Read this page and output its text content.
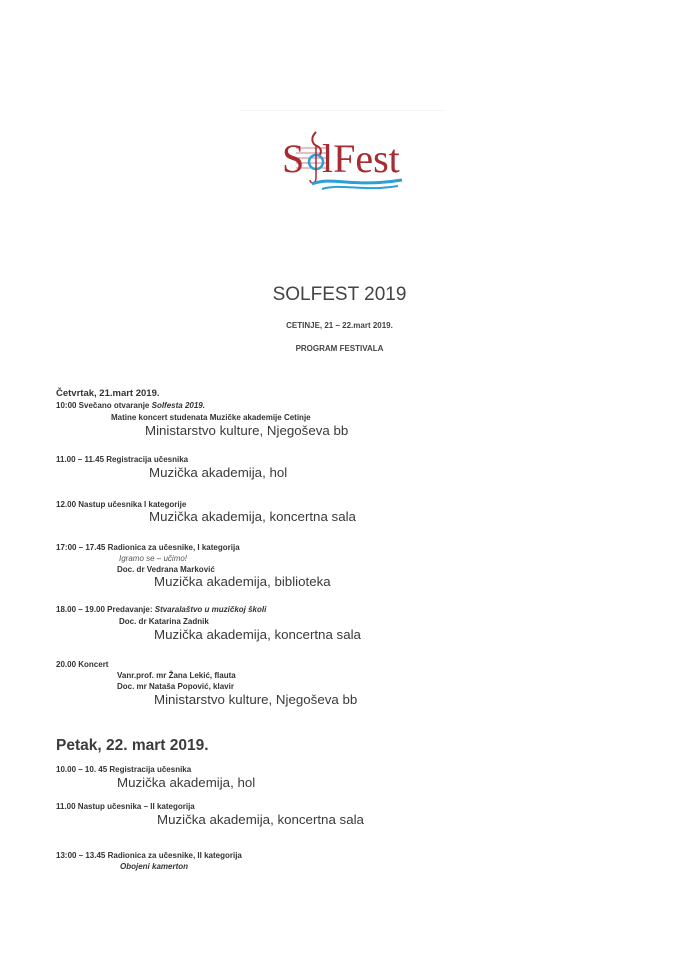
S lFest
SOLFEST 2019
CETINJE, 21 – 22.mart 2019.
PROGRAM FESTIVALA
Četvrtak, 21.mart 2019.
10:00 Svečano otvaranje Solfesta 2019.
Matine koncert studenata Muzičke akademije Cetinje
Ministarstvo kulture, Njegoševa bb
11.00 – 11.45 Registracija učesnika
Muzička akademija, hol
12.00 Nastup učesnika I kategorije
Muzička akademija, koncertna sala
17:00 – 17.45 Radionica za učesnike, I kategorija
Igramo se – učimo!
Doc. dr Vedrana Marković
Muzička akademija, biblioteka
18.00 – 19.00 Predavanje: Stvaralaštvo u muzičkoj školi
Doc. dr Katarina Zadnik
Muzička akademija, koncertna sala
20.00 Koncert
Vanr.prof. mr Žana Lekić, flauta
Doc. mr Nataša Popović, klavir
Ministarstvo kulture, Njegoševa bb
Petak, 22. mart 2019.
10.00 – 10. 45 Registracija učesnika
Muzička akademija, hol
11.00 Nastup učesnika – II kategorija
Muzička akademija, koncertna sala
13:00 – 13.45 Radionica za učesnike, II kategorija
Obojeni kamerton
